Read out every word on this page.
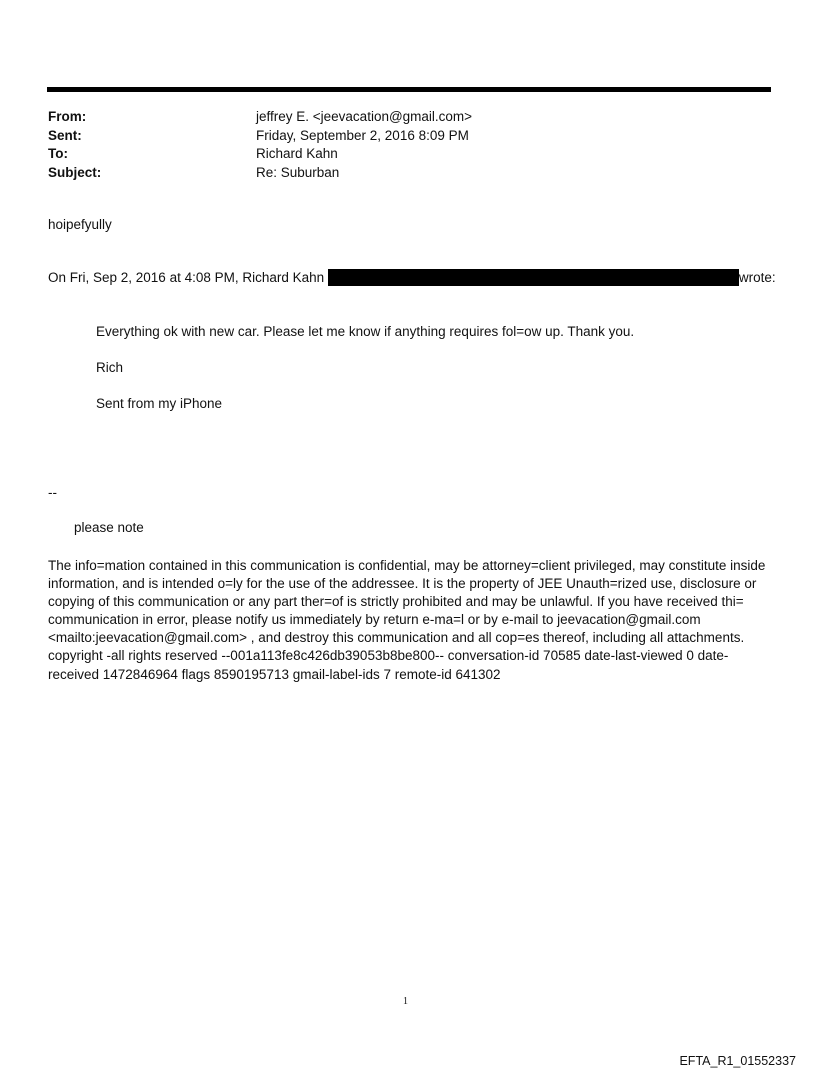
From:	jeffrey E. <jeevacation@gmail.com>
Sent:	Friday, September 2, 2016 8:09 PM
To:	Richard Kahn
Subject:	Re: Suburban

hoipefyully

On Fri, Sep 2, 2016 at 4:08 PM, Richard Kahn	wrote:
Everything ok with new car. Please let me know if anything requires fol=ow up. Thank you.
Rich
Sent from my iPhone
--
please note

The info=mation contained in this communication is confidential, may be attorney=client privileged, may constitute inside information, and is intended o=ly for the use of the addressee. It is the property of JEE Unauth=rized use, disclosure or copying of this communication or any part ther=of is strictly prohibited and may be unlawful. If you have received thi= communication in error, please notify us immediately by return e-ma=l or by e-mail to jeevacation@gmail.com <mailto:jeevacation@gmail.com> , and destroy this communication and all cop=es thereof, including all attachments. copyright -all rights reserved --001a113fe8c426db39053b8be800-- conversation-id 70585 date-last-viewed 0 date-received 1472846964 flags 8590195713 gmail-label-ids 7 remote-id 641302

1
EFTA_R1_01552337
